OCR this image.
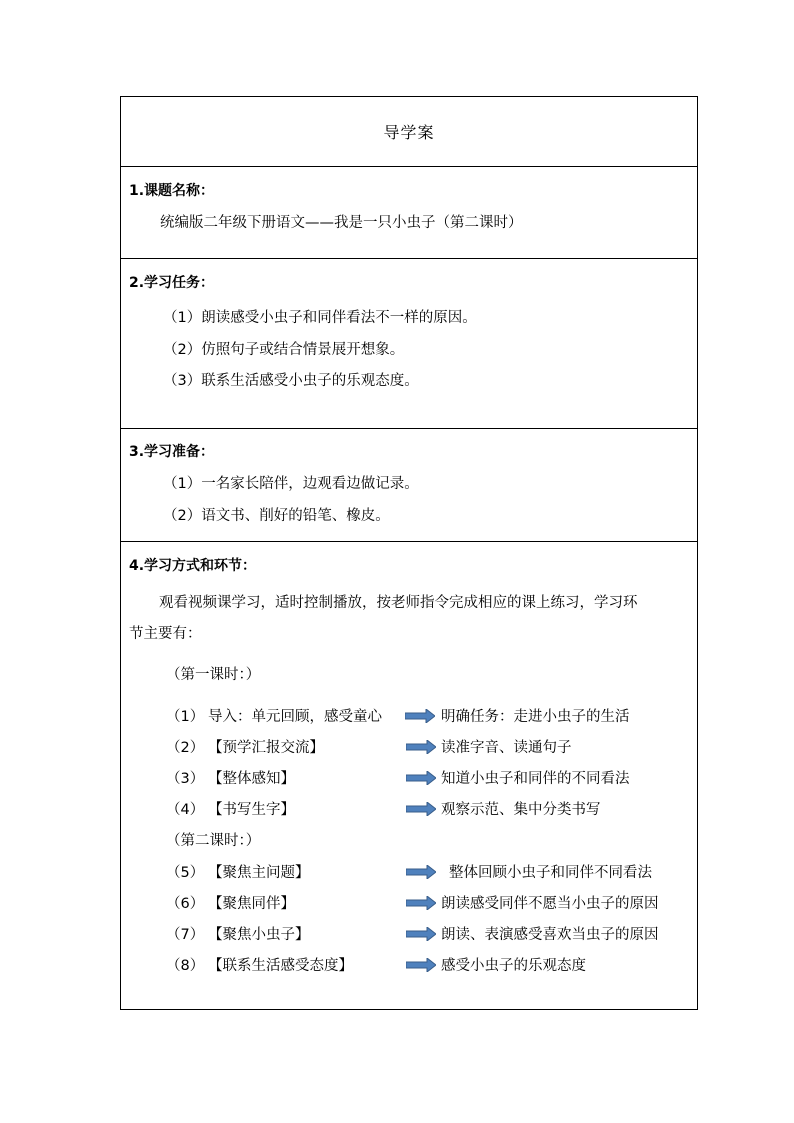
导学案
1.课题名称：
统编版二年级下册语文——我是一只小虫子（第二课时）
2.学习任务：
（1）朗读感受小虫子和同伴看法不一样的原因。
（2）仿照句子或结合情景展开想象。
（3）联系生活感受小虫子的乐观态度。
3.学习准备：
（1）一名家长陪伴，边观看边做记录。
（2）语文书、削好的铅笔、橡皮。
4.学习方式和环节：
观看视频课学习，适时控制播放，按老师指令完成相应的课上练习，学习环
节主要有：
（第一课时：）
（1） 导入：单元回顾，感受童心	明确任务：走进小虫子的生活
（2） 【预学汇报交流】	读准字音、读通句子
（3） 【整体感知】	知道小虫子和同伴的不同看法
（4） 【书写生字】	观察示范、集中分类书写
（第二课时：）
（5） 【聚焦主问题】	整体回顾小虫子和同伴不同看法
（6） 【聚焦同伴】	朗读感受同伴不愿当小虫子的原因
（7） 【聚焦小虫子】	朗读、表演感受喜欢当虫子的原因
（8） 【联系生活感受态度】	感受小虫子的乐观态度
